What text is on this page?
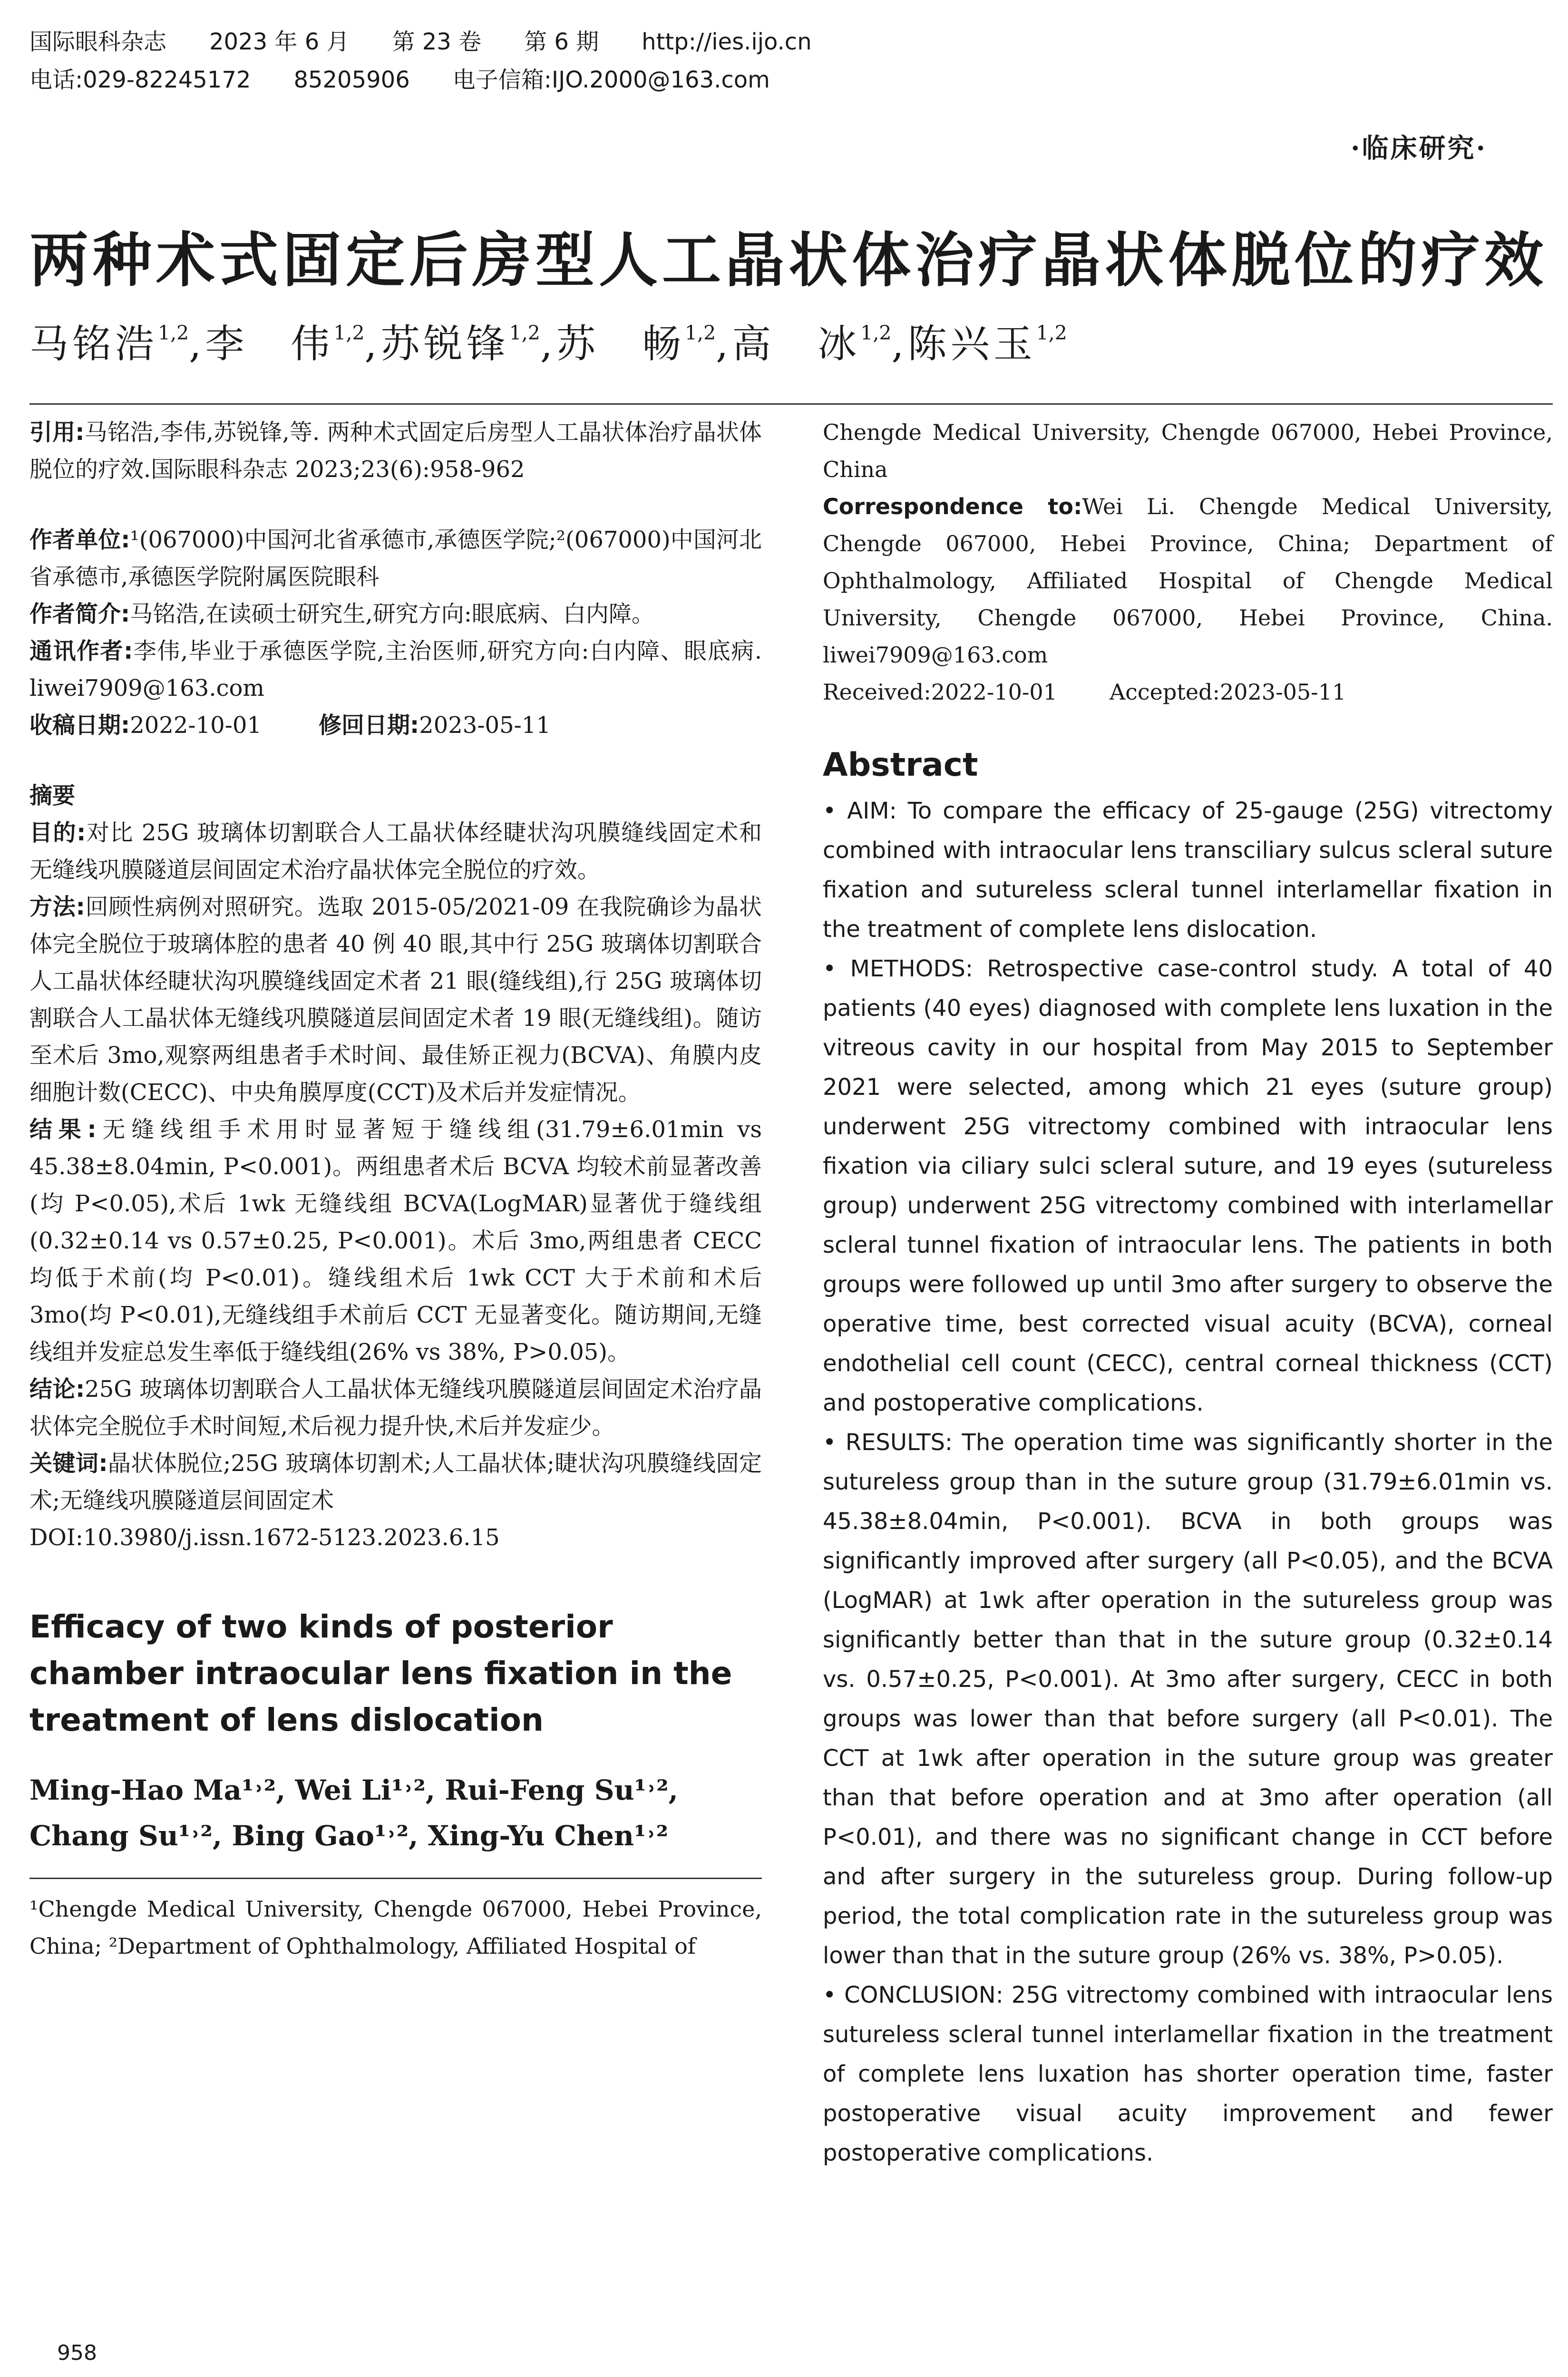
国际眼科杂志 2023 年 6 月 第 23 卷 第 6 期 http://ies.ijo.cn
电话:029-82245172 85205906 电子信箱:IJO.2000@163.com
·临床研究·
两种术式固定后房型人工晶状体治疗晶状体脱位的疗效
马铭浩$^{1,2}$,李　伟$^{1,2}$,苏锐锋$^{1,2}$,苏　畅$^{1,2}$,高　冰$^{1,2}$,陈兴玉$^{1,2}$

引用:马铭浩,李伟,苏锐锋,等. 两种术式固定后房型人工晶状体治疗晶状体脱位的疗效.国际眼科杂志 2023;23(6):958-962

作者单位:¹(067000)中国河北省承德市,承德医学院;²(067000)中国河北省承德市,承德医学院附属医院眼科

作者简介:马铭浩,在读硕士研究生,研究方向:眼底病、白内障。

通讯作者:李伟,毕业于承德医学院,主治医师,研究方向:白内障、眼底病. liwei7909@163.com

收稿日期:2022-10-01	修回日期:2023-05-11

摘要

目的:对比 25G 玻璃体切割联合人工晶状体经睫状沟巩膜缝线固定术和无缝线巩膜隧道层间固定术治疗晶状体完全脱位的疗效。

方法:回顾性病例对照研究。选取 2015-05/2021-09 在我院确诊为晶状体完全脱位于玻璃体腔的患者 40 例 40 眼,其中行 25G 玻璃体切割联合人工晶状体经睫状沟巩膜缝线固定术者 21 眼(缝线组),行 25G 玻璃体切割联合人工晶状体无缝线巩膜隧道层间固定术者 19 眼(无缝线组)。随访至术后 3mo,观察两组患者手术时间、最佳矫正视力(BCVA)、角膜内皮细胞计数(CECC)、中央角膜厚度(CCT)及术后并发症情况。

结果:无缝线组手术用时显著短于缝线组(31.79±6.01min vs 45.38±8.04min, P<0.001)。两组患者术后 BCVA 均较术前显著改善(均 P<0.05),术后 1wk 无缝线组 BCVA(LogMAR)显著优于缝线组(0.32±0.14 vs 0.57±0.25, P<0.001)。术后 3mo,两组患者 CECC 均低于术前(均 P<0.01)。缝线组术后 1wk CCT 大于术前和术后 3mo(均 P<0.01),无缝线组手术前后 CCT 无显著变化。随访期间,无缝线组并发症总发生率低于缝线组(26% vs 38%, P>0.05)。

结论:25G 玻璃体切割联合人工晶状体无缝线巩膜隧道层间固定术治疗晶状体完全脱位手术时间短,术后视力提升快,术后并发症少。

关键词:晶状体脱位;25G 玻璃体切割术;人工晶状体;睫状沟巩膜缝线固定术;无缝线巩膜隧道层间固定术

DOI:10.3980/j.issn.1672-5123.2023.6.15

Efficacy of two kinds of posterior chamber intraocular lens fixation in the treatment of lens dislocation

Ming-Hao Ma¹˒², Wei Li¹˒², Rui-Feng Su¹˒², Chang Su¹˒², Bing Gao¹˒², Xing-Yu Chen¹˒²

¹Chengde Medical University, Chengde 067000, Hebei Province, China; ²Department of Ophthalmology, Affiliated Hospital of

Chengde Medical University, Chengde 067000, Hebei Province, China

Correspondence to:Wei Li. Chengde Medical University, Chengde 067000, Hebei Province, China; Department of Ophthalmology, Affiliated Hospital of Chengde Medical University, Chengde 067000, Hebei Province, China. liwei7909@163.com

Received:2022-10-01 Accepted:2023-05-11

Abstract

• AIM: To compare the efficacy of 25-gauge (25G) vitrectomy combined with intraocular lens transciliary sulcus scleral suture fixation and sutureless scleral tunnel interlamellar fixation in the treatment of complete lens dislocation.

• METHODS: Retrospective case-control study. A total of 40 patients (40 eyes) diagnosed with complete lens luxation in the vitreous cavity in our hospital from May 2015 to September 2021 were selected, among which 21 eyes (suture group) underwent 25G vitrectomy combined with intraocular lens fixation via ciliary sulci scleral suture, and 19 eyes (sutureless group) underwent 25G vitrectomy combined with interlamellar scleral tunnel fixation of intraocular lens. The patients in both groups were followed up until 3mo after surgery to observe the operative time, best corrected visual acuity (BCVA), corneal endothelial cell count (CECC), central corneal thickness (CCT) and postoperative complications.

• RESULTS: The operation time was significantly shorter in the sutureless group than in the suture group (31.79±6.01min vs. 45.38±8.04min, P<0.001). BCVA in both groups was significantly improved after surgery (all P<0.05), and the BCVA (LogMAR) at 1wk after operation in the sutureless group was significantly better than that in the suture group (0.32±0.14 vs. 0.57±0.25, P<0.001). At 3mo after surgery, CECC in both groups was lower than that before surgery (all P<0.01). The CCT at 1wk after operation in the suture group was greater than that before operation and at 3mo after operation (all P<0.01), and there was no significant change in CCT before and after surgery in the sutureless group. During follow-up period, the total complication rate in the sutureless group was lower than that in the suture group (26% vs. 38%, P>0.05).

• CONCLUSION: 25G vitrectomy combined with intraocular lens sutureless scleral tunnel interlamellar fixation in the treatment of complete lens luxation has shorter operation time, faster postoperative visual acuity improvement and fewer postoperative complications.

958
